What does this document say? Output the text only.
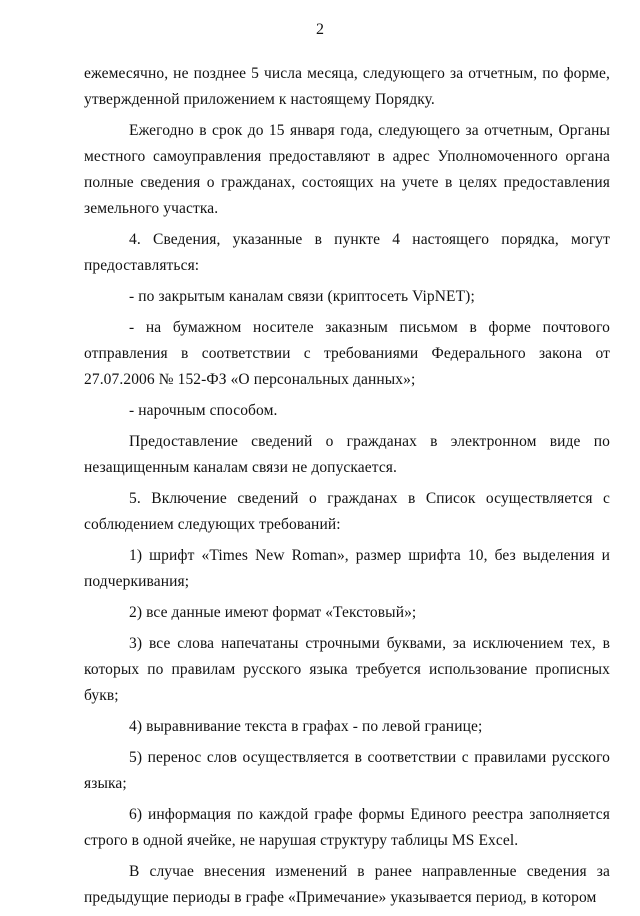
2

ежемесячно, не позднее 5 числа месяца, следующего за отчетным, по форме, утвержденной приложением к настоящему Порядку.

Ежегодно в срок до 15 января года, следующего за отчетным, Органы местного самоуправления предоставляют в адрес Уполномоченного органа полные сведения о гражданах, состоящих на учете в целях предоставления земельного участка.

4. Сведения, указанные в пункте 4 настоящего порядка, могут предоставляться:

- по закрытым каналам связи (криптосеть VipNET);

- на бумажном носителе заказным письмом в форме почтового отправления в соответствии с требованиями Федерального закона от 27.07.2006 № 152-ФЗ «О персональных данных»;

- нарочным способом.

Предоставление сведений о гражданах в электронном виде по незащищенным каналам связи не допускается.

5. Включение сведений о гражданах в Список осуществляется с соблюдением следующих требований:

1) шрифт «Times New Roman», размер шрифта 10, без выделения и подчеркивания;

2) все данные имеют формат «Текстовый»;

3) все слова напечатаны строчными буквами, за исключением тех, в которых по правилам русского языка требуется использование прописных букв;

4) выравнивание текста в графах - по левой границе;

5) перенос слов осуществляется в соответствии с правилами русского языка;

6) информация по каждой графе формы Единого реестра заполняется строго в одной ячейке, не нарушая структуру таблицы MS Excel.

В случае внесения изменений в ранее направленные сведения за предыдущие периоды в графе «Примечание» указывается период, в котором
